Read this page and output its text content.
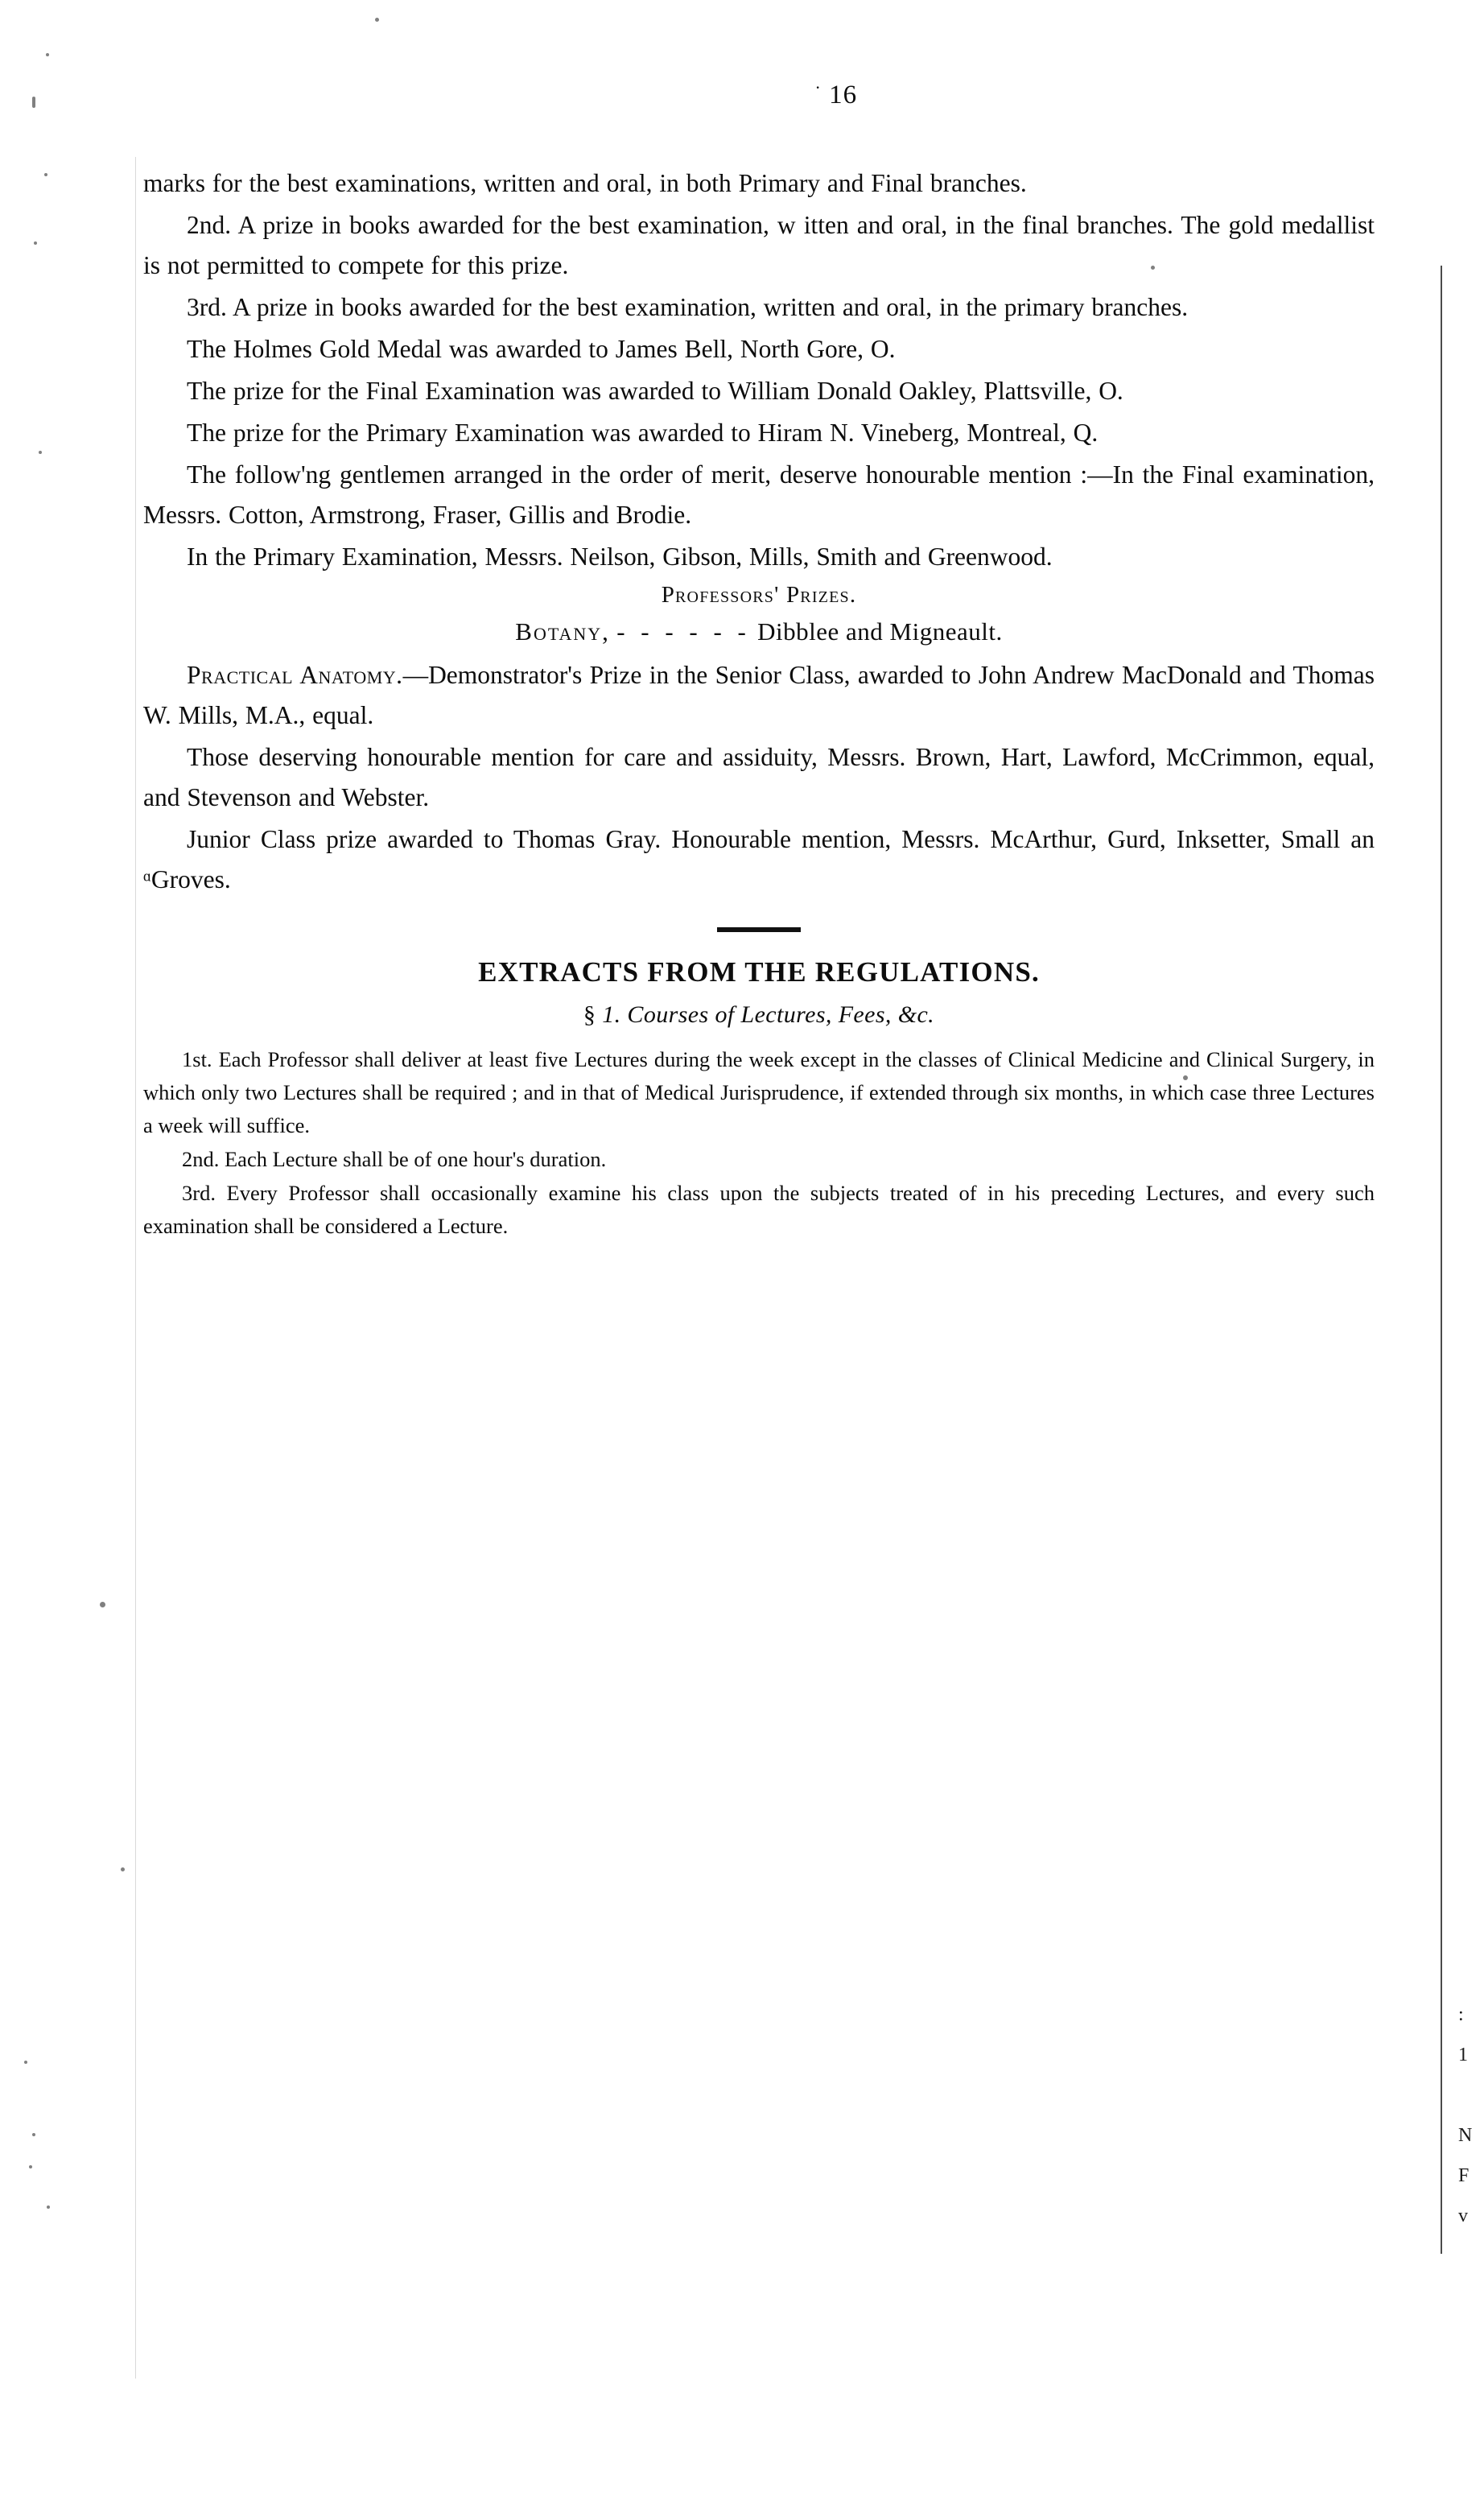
· 16

marks for the best examinations, written and oral, in both Primary and Final branches.

2nd. A prize in books awarded for the best examination, w itten and oral, in the final branches. The gold medallist is not permitted to compete for this prize.

3rd. A prize in books awarded for the best examination, written and oral, in the primary branches.

The Holmes Gold Medal was awarded to James Bell, North Gore, O.

The prize for the Final Examination was awarded to William Donald Oakley, Plattsville, O.

The prize for the Primary Examination was awarded to Hiram N. Vineberg, Montreal, Q.

The follow'ng gentlemen arranged in the order of merit, deserve honourable mention :—In the Final examination, Messrs. Cotton, Armstrong, Fraser, Gillis and Brodie.

In the Primary Examination, Messrs. Neilson, Gibson, Mills, Smith and Greenwood.

Professors' Prizes.

Botany, - - - - - - Dibblee and Migneault.

Practical Anatomy.—Demonstrator's Prize in the Senior Class, awarded to John Andrew MacDonald and Thomas W. Mills, M.A., equal.

Those deserving honourable mention for care and assiduity, Messrs. Brown, Hart, Lawford, McCrimmon, equal, and Stevenson and Webster.

Junior Class prize awarded to Thomas Gray. Honourable mention, Messrs. McArthur, Gurd, Inksetter, Small an ᵅGroves.

EXTRACTS FROM THE REGULATIONS.

§ 1. Courses of Lectures, Fees, &c.

1st. Each Professor shall deliver at least five Lectures during the week except in the classes of Clinical Medicine and Clinical Surgery, in which only two Lectures shall be required ; and in that of Medical Jurisprudence, if extended through six months, in which case three Lectures a week will suffice.

2nd. Each Lecture shall be of one hour's duration.

3rd. Every Professor shall occasionally examine his class upon the subjects treated of in his preceding Lectures, and every such examination shall be considered a Lecture.

:
1
N
F
v
